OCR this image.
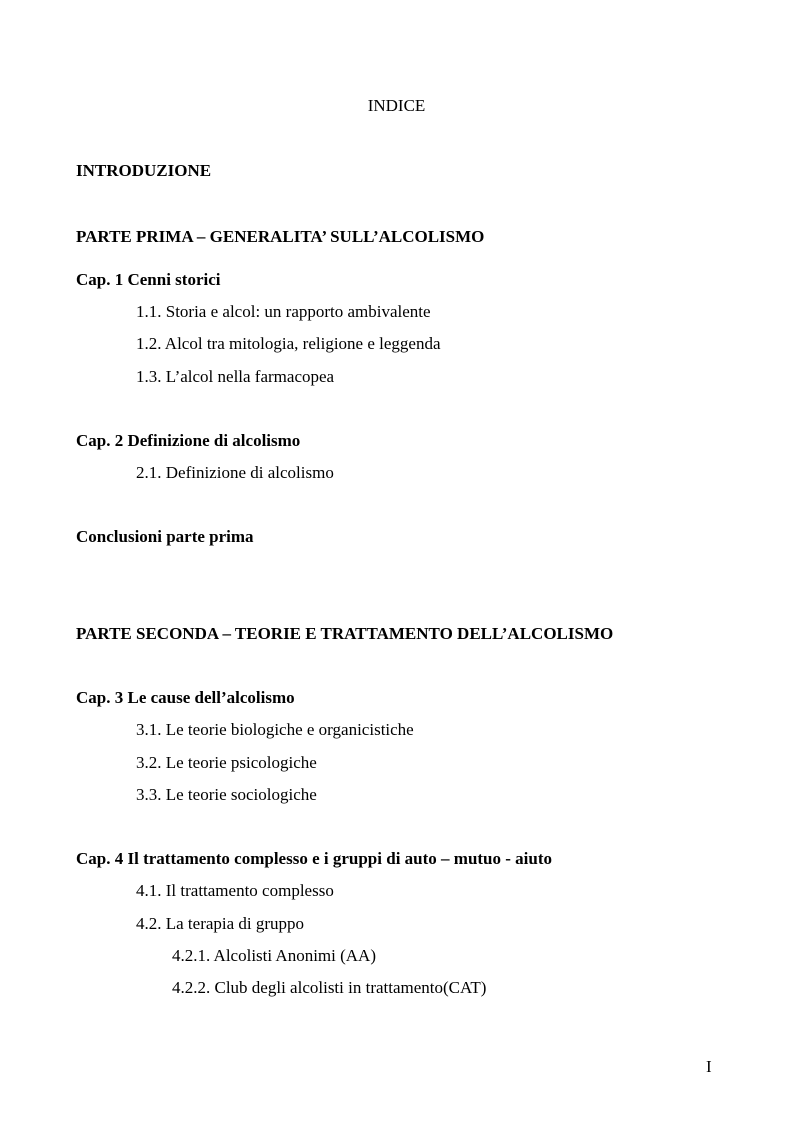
INDICE
INTRODUZIONE
PARTE PRIMA – GENERALITA’ SULL’ALCOLISMO
Cap. 1 Cenni storici
1.1. Storia e alcol: un rapporto ambivalente
1.2. Alcol tra mitologia, religione e leggenda
1.3. L’alcol nella farmacopea
Cap. 2 Definizione di alcolismo
2.1. Definizione di alcolismo
Conclusioni parte prima
PARTE SECONDA – TEORIE E TRATTAMENTO DELL’ALCOLISMO
Cap. 3 Le cause dell’alcolismo
3.1. Le teorie biologiche e organicistiche
3.2. Le teorie psicologiche
3.3. Le teorie sociologiche
Cap. 4 Il trattamento complesso e i gruppi di auto – mutuo - aiuto
4.1. Il trattamento complesso
4.2. La terapia di gruppo
4.2.1. Alcolisti Anonimi (AA)
4.2.2. Club degli alcolisti in trattamento(CAT)
I
